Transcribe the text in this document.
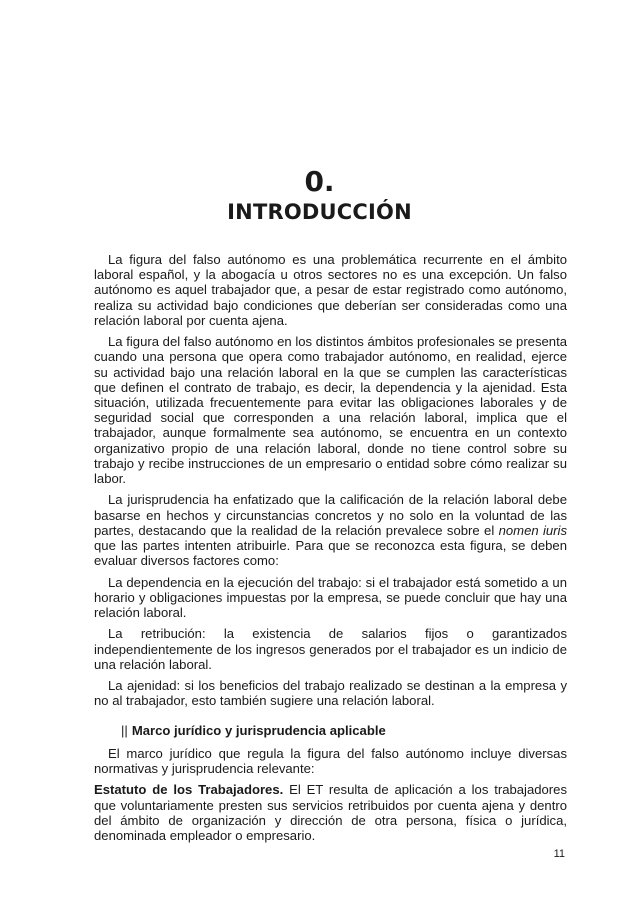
0.
INTRODUCCIÓN

La figura del falso autónomo es una problemática recurrente en el ámbito laboral español, y la abogacía u otros sectores no es una excepción. Un falso autónomo es aquel trabajador que, a pesar de estar registrado como autónomo, realiza su actividad bajo condiciones que deberían ser consideradas como una relación laboral por cuenta ajena.

La figura del falso autónomo en los distintos ámbitos profesionales se presenta cuando una persona que opera como trabajador autónomo, en realidad, ejerce su actividad bajo una relación laboral en la que se cumplen las características que definen el contrato de trabajo, es decir, la dependencia y la ajenidad. Esta situación, utilizada frecuentemente para evitar las obligaciones laborales y de seguridad social que corresponden a una relación laboral, implica que el trabajador, aunque formalmente sea autónomo, se encuentra en un contexto organizativo propio de una relación laboral, donde no tiene control sobre su trabajo y recibe instrucciones de un empresario o entidad sobre cómo realizar su labor.

La jurisprudencia ha enfatizado que la calificación de la relación laboral debe basarse en hechos y circunstancias concretos y no solo en la voluntad de las partes, destacando que la realidad de la relación prevalece sobre el nomen iuris que las partes intenten atribuirle. Para que se reconozca esta figura, se deben evaluar diversos factores como:

La dependencia en la ejecución del trabajo: si el trabajador está sometido a un horario y obligaciones impuestas por la empresa, se puede concluir que hay una relación laboral.

La retribución: la existencia de salarios fijos o garantizados independientemente de los ingresos generados por el trabajador es un indicio de una relación laboral.

La ajenidad: si los beneficios del trabajo realizado se destinan a la empresa y no al trabajador, esto también sugiere una relación laboral.

|| Marco jurídico y jurisprudencia aplicable

El marco jurídico que regula la figura del falso autónomo incluye diversas normativas y jurisprudencia relevante:

Estatuto de los Trabajadores. El ET resulta de aplicación a los trabajadores que voluntariamente presten sus servicios retribuidos por cuenta ajena y dentro del ámbito de organización y dirección de otra persona, física o jurídica, denominada empleador o empresario.

11
